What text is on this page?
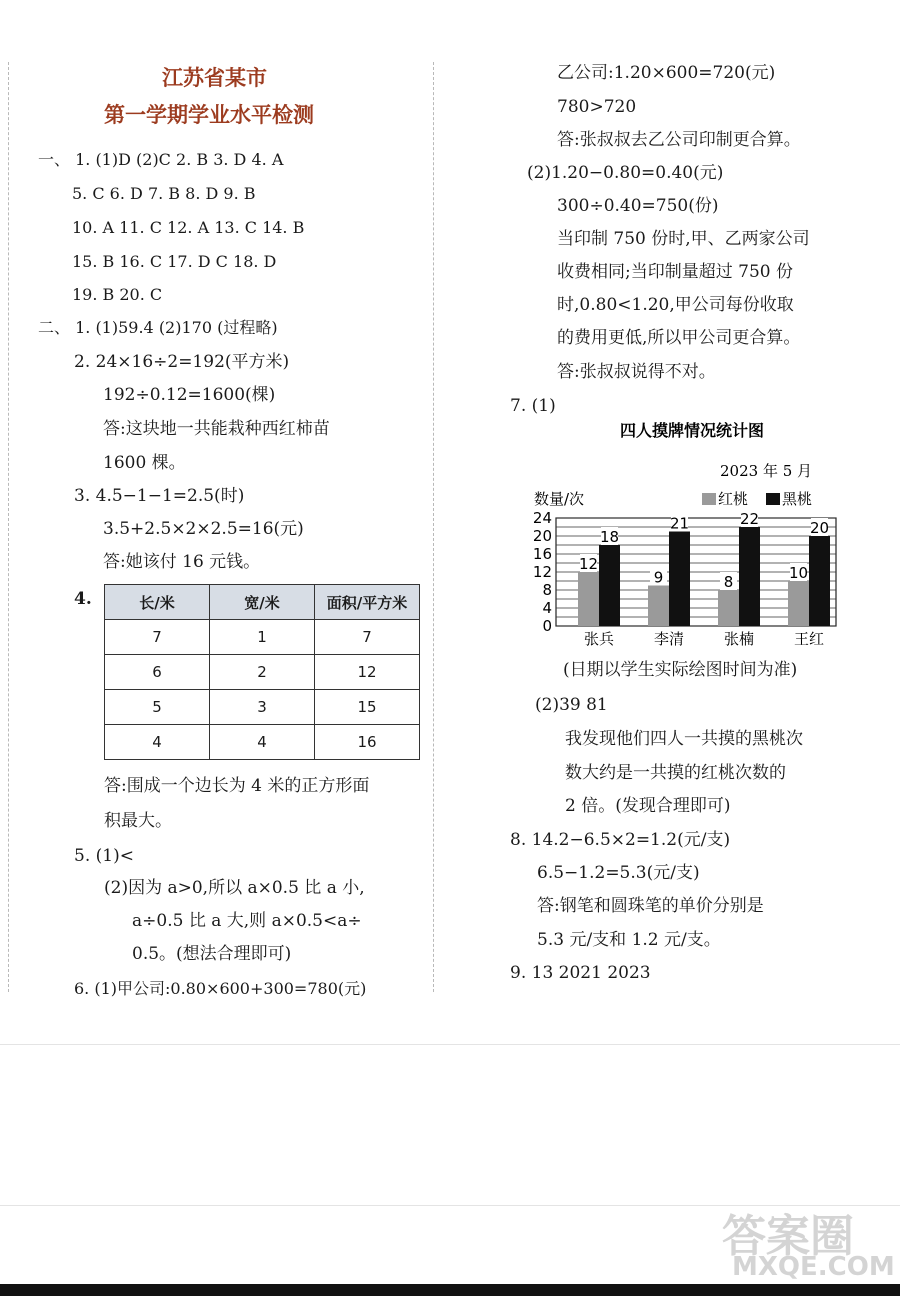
江苏省某市
第一学期学业水平检测
一、 1. (1)D (2)C 2. B 3. D 4. A
5. C 6. D 7. B 8. D 9. B
10. A 11. C 12. A 13. C 14. B
15. B 16. C 17. D C 18. D
19. B 20. C
二、 1. (1)59.4 (2)170 (过程略)
2. 24×16÷2=192(平方米)
192÷0.12=1600(棵)
答:这块地一共能栽种西红柿苗
1600 棵。
3. 4.5−1−1=2.5(时)
3.5+2.5×2×2.5=16(元)
答:她该付 16 元钱。
4.	长/米	宽/米	面积/平方米
7	1	7
6	2	12
5	3	15
4	4	16
答:围成一个边长为 4 米的正方形面
积最大。
5. (1)<
(2)因为 a>0,所以 a×0.5 比 a 小,
a÷0.5 比 a 大,则 a×0.5<a÷
0.5。(想法合理即可)
6. (1)甲公司:0.80×600+300=780(元)
乙公司:1.20×600=720(元)
780>720
答:张叔叔去乙公司印制更合算。
(2)1.20−0.80=0.40(元)
300÷0.40=750(份)
当印制 750 份时,甲、乙两家公司
收费相同;当印制量超过 750 份
时,0.80<1.20,甲公司每份收取
的费用更低,所以甲公司更合算。
答:张叔叔说得不对。
7. (1)
四人摸牌情况统计图
2023 年 5 月
数量/次
0
4
8
12
16
20
24
12
18
9
21
8
22
10
20
张兵	李清	张楠	王红
红桃 黑桃
(日期以学生实际绘图时间为准)
(2)39 81
我发现他们四人一共摸的黑桃次
数大约是一共摸的红桃次数的
2 倍。(发现合理即可)
8. 14.2−6.5×2=1.2(元/支)
6.5−1.2=5.3(元/支)
答:钢笔和圆珠笔的单价分别是
5.3 元/支和 1.2 元/支。
9. 13 2021 2023
答案圈
MXQE.COM
